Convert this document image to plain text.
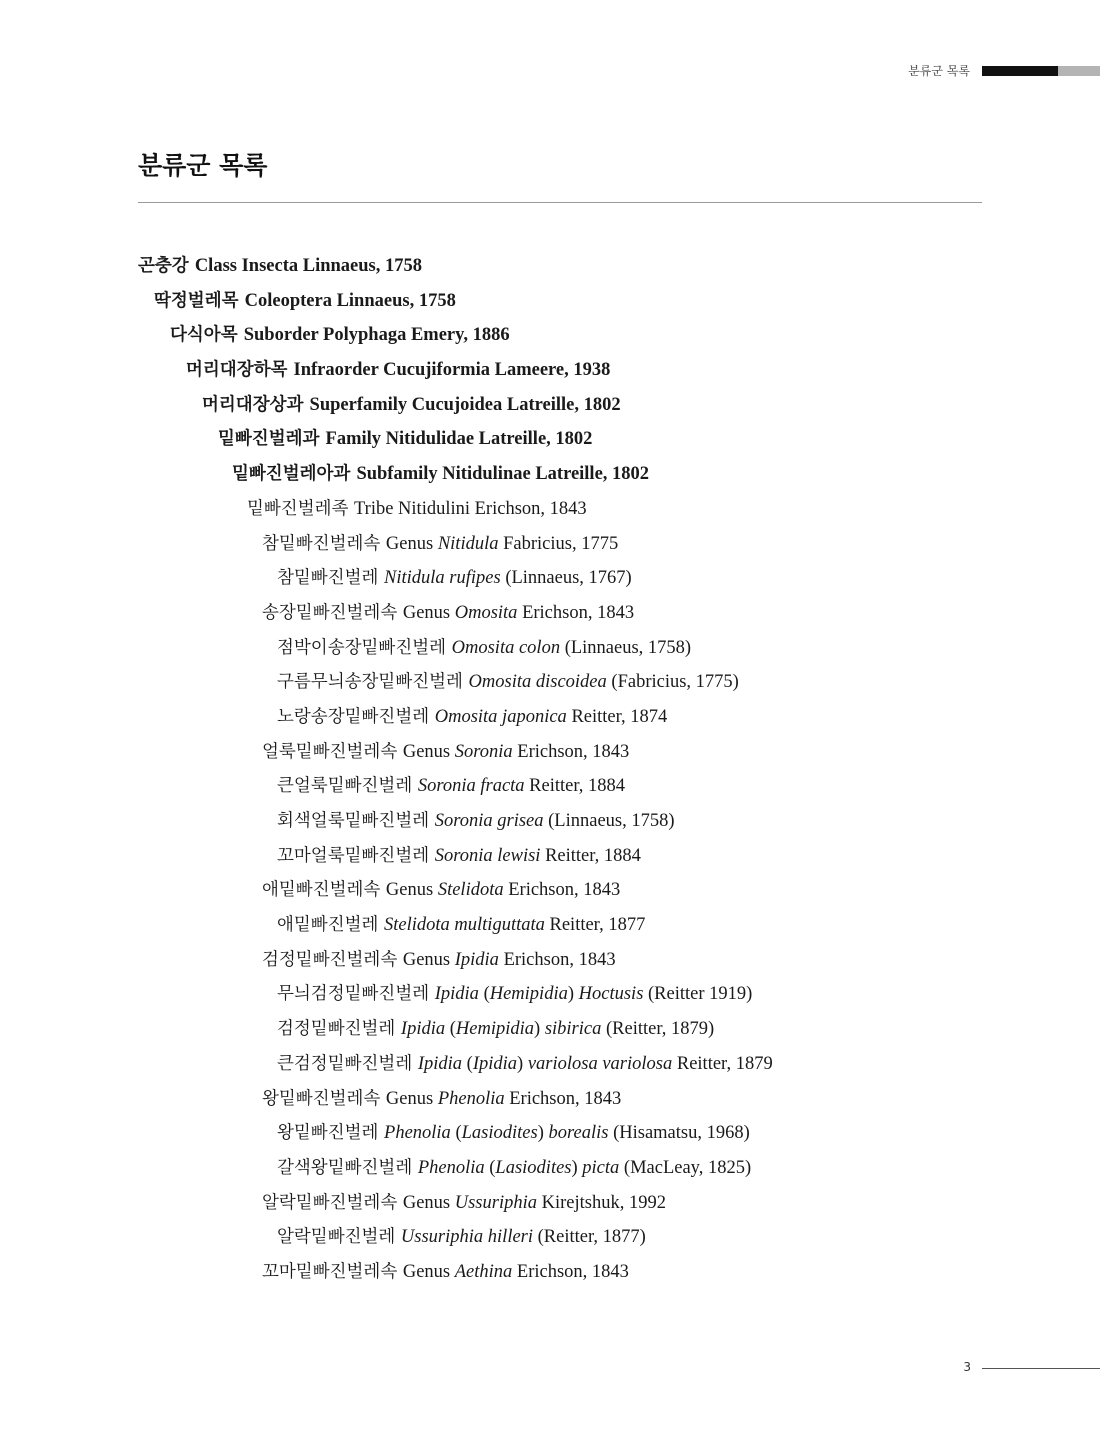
분류군 목록
분류군 목록
곤충강 Class Insecta Linnaeus, 1758
딱정벌레목 Coleoptera Linnaeus, 1758
다식아목 Suborder Polyphaga Emery, 1886
머리대장하목 Infraorder Cucujiformia Lameere, 1938
머리대장상과 Superfamily Cucujoidea Latreille, 1802
밑빠진벌레과 Family Nitidulidae Latreille, 1802
밑빠진벌레아과 Subfamily Nitidulinae Latreille, 1802
밑빠진벌레족 Tribe Nitidulini Erichson, 1843
참밑빠진벌레속 Genus Nitidula Fabricius, 1775
참밑빠진벌레 Nitidula rufipes (Linnaeus, 1767)
송장밑빠진벌레속 Genus Omosita Erichson, 1843
점박이송장밑빠진벌레 Omosita colon (Linnaeus, 1758)
구름무늬송장밑빠진벌레 Omosita discoidea (Fabricius, 1775)
노랑송장밑빠진벌레 Omosita japonica Reitter, 1874
얼룩밑빠진벌레속 Genus Soronia Erichson, 1843
큰얼룩밑빠진벌레 Soronia fracta Reitter, 1884
회색얼룩밑빠진벌레 Soronia grisea (Linnaeus, 1758)
꼬마얼룩밑빠진벌레 Soronia lewisi Reitter, 1884
애밑빠진벌레속 Genus Stelidota Erichson, 1843
애밑빠진벌레 Stelidota multiguttata Reitter, 1877
검정밑빠진벌레속 Genus Ipidia Erichson, 1843
무늬검정밑빠진벌레 Ipidia (Hemipidia) Hoctusis (Reitter 1919)
검정밑빠진벌레 Ipidia (Hemipidia) sibirica (Reitter, 1879)
큰검정밑빠진벌레 Ipidia (Ipidia) variolosa variolosa Reitter, 1879
왕밑빠진벌레속 Genus Phenolia Erichson, 1843
왕밑빠진벌레 Phenolia (Lasiodites) borealis (Hisamatsu, 1968)
갈색왕밑빠진벌레 Phenolia (Lasiodites) picta (MacLeay, 1825)
알락밑빠진벌레속 Genus Ussuriphia Kirejtshuk, 1992
알락밑빠진벌레 Ussuriphia hilleri (Reitter, 1877)
꼬마밑빠진벌레속 Genus Aethina Erichson, 1843
3
